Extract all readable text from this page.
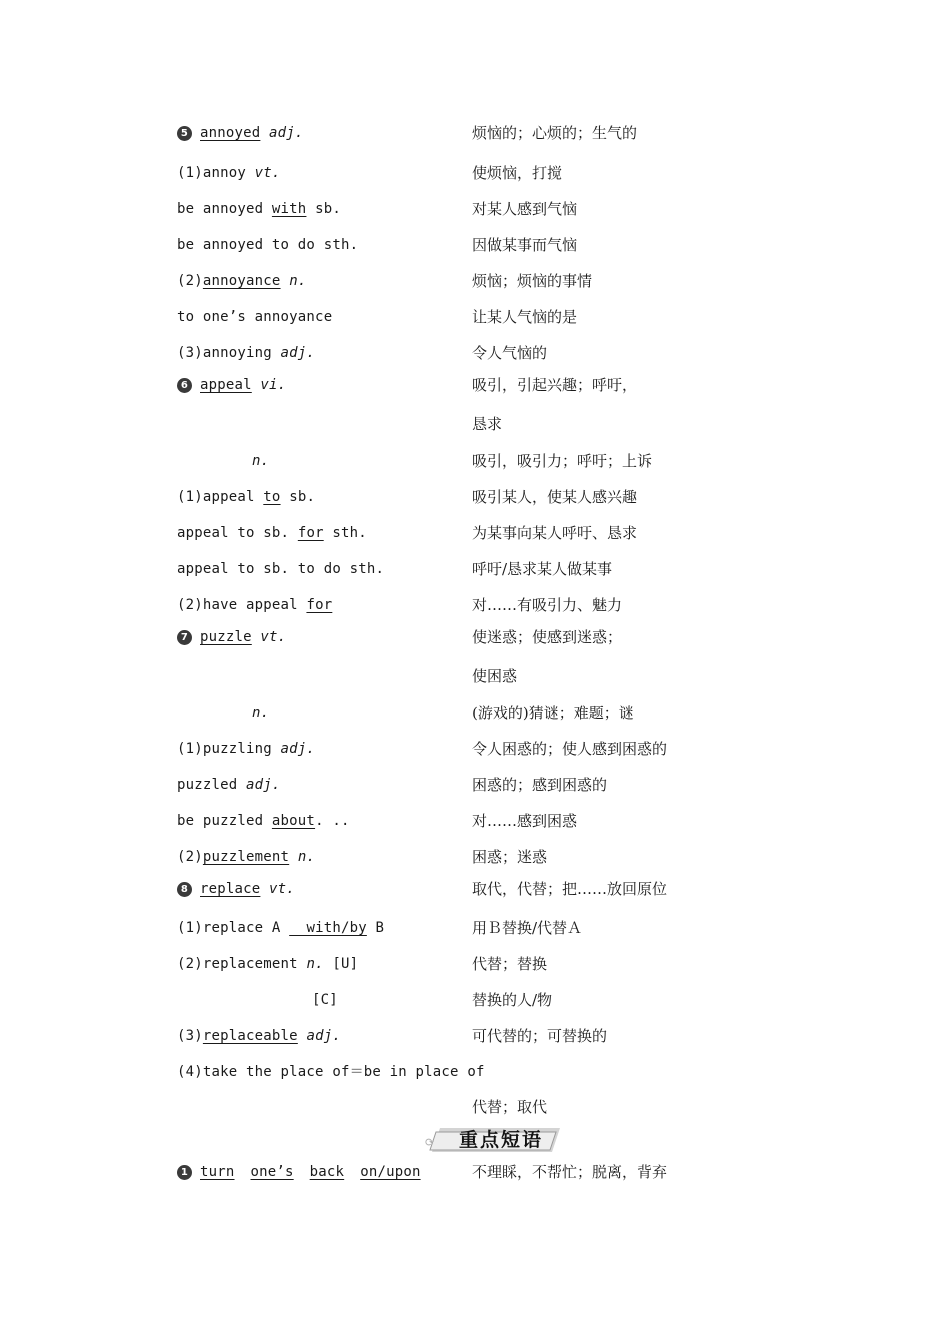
5 annoyed adj.	烦恼的；心烦的；生气的
(1)annoy vt.	使烦恼，打搅
be annoyed with sb.	对某人感到气恼
be annoyed to do sth.	因做某事而气恼
(2)annoyance n.	烦恼；烦恼的事情
to one’s annoyance	让某人气恼的是
(3)annoying adj.	令人气恼的
6 appeal vi.	吸引，引起兴趣；呼吁，
恳求
n.	吸引，吸引力；呼吁；上诉
(1)appeal to sb.	吸引某人，使某人感兴趣
appeal to sb. for sth.	为某事向某人呼吁、恳求
appeal to sb. to do sth.	呼吁/恳求某人做某事
(2)have appeal for	对……有吸引力、魅力
7 puzzle vt.	使迷惑；使感到迷惑；
使困惑
n.	(游戏的)猜谜；难题；谜
(1)puzzling adj.	令人困惑的；使人感到困惑的
puzzled adj.	困惑的；感到困惑的
be puzzled about. ..	对……感到困惑
(2)puzzlement n.	困惑；迷惑
8 replace vt.	取代，代替；把……放回原位
(1)replace A   with/by B	用Ｂ替换/代替Ａ
(2)replacement n. [U]	代替；替换
[C]	替换的人/物
(3)replaceable adj.	可代替的；可替换的
(4)take the place of＝be in place of
代替；取代
⟳	重点短语
1 turn one’s back on/upon	不理睬，不帮忙；脱离，背弃
